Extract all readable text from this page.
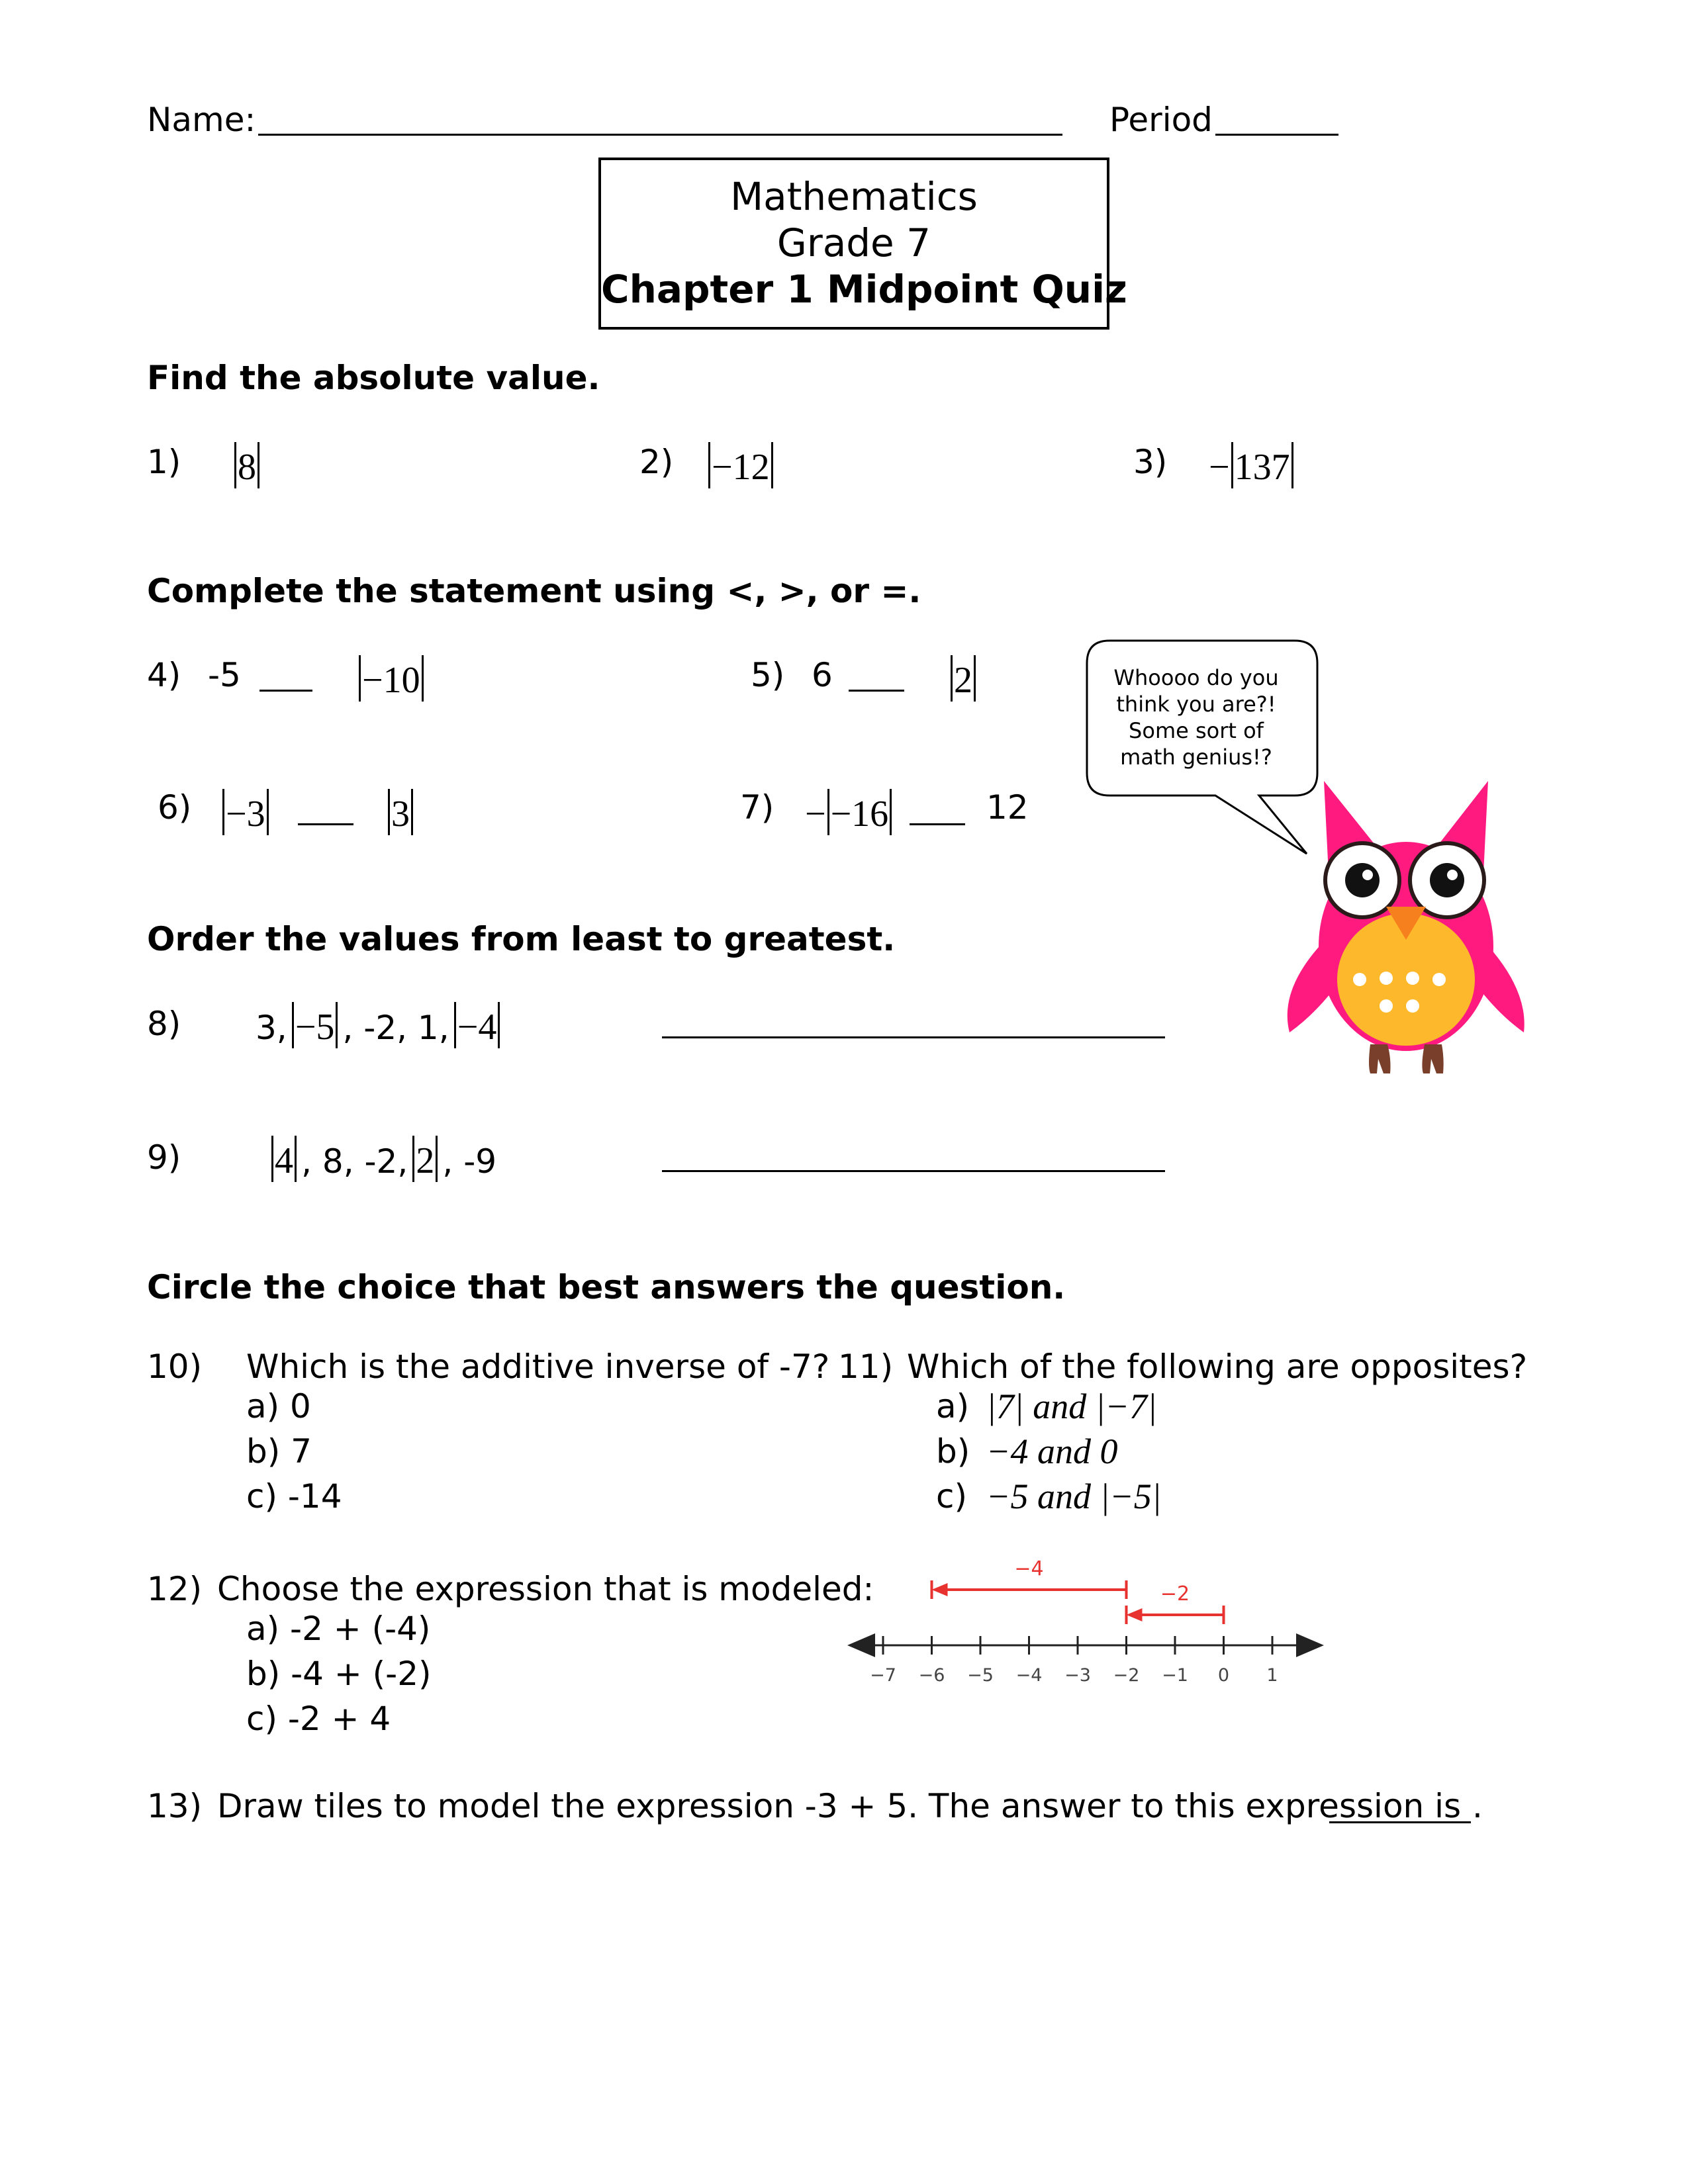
Name:	Period
Mathematics
Grade 7
Chapter 1 Midpoint Quiz
Find the absolute value.
1) 8	2) −12	3) − 137
Complete the statement using <, >, or =.
4) -5	−10	5) 6	2
6) −3	3	7) − −16	12
Whoooo do you think you are?! Some sort of math genius!?
Order the values from least to greatest.
8) 3, −5 , -2, 1, −4
9)	4 , 8, -2, 2 , -9
Circle the choice that best answers the question.
10) Which is the additive inverse of -7?
a) 0
b) 7
c) -14
11) Which of the following are opposites?
a) |7| and |−7|
b) −4 and 0
c) −5 and |−5|
12) Choose the expression that is modeled:
a) -2 + (-4)
b) -4 + (-2)
c) -2 + 4
−7 −6 −5 −4 −3 −2 −1 0 1
−4
−2
13) Draw tiles to model the expression -3 + 5. The answer to this expression is .
